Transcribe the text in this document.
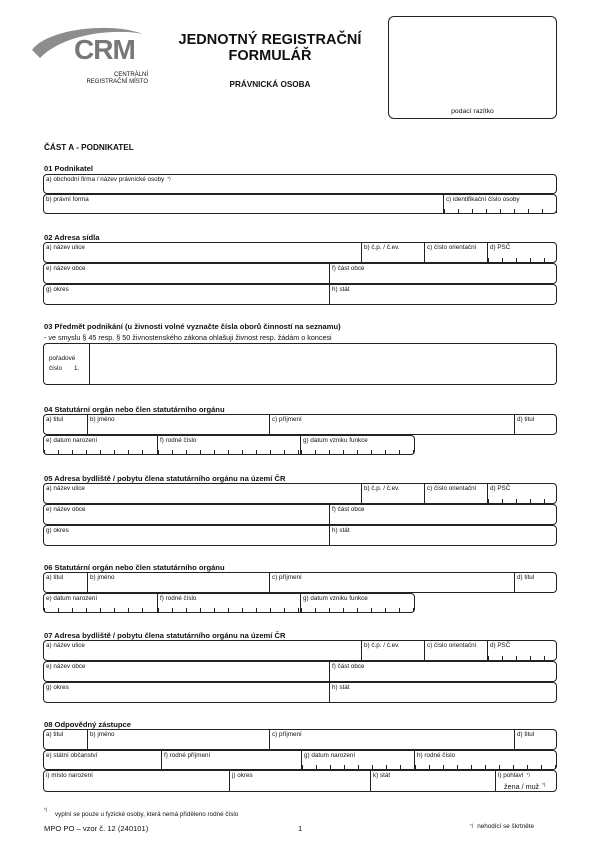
CRM
CENTRÁLNÍ
REGISTRAČNÍ MÍSTO
JEDNOTNÝ REGISTRAČNÍ
FORMULÁŘ
PRÁVNICKÁ OSOBA
podací razítko
ČÁST A - PODNIKATEL
01 Podnikatel
a) obchodní firma / název právnické osoby *)
b) právní forma	c) identifikační číslo osoby
02 Adresa sídla
a) název ulice	b) č.p. / č.ev.	c) číslo orientační d) PSČ
e) název obce	f) část obce
g) okres	h) stát
03 Předmět podnikání (u živnosti volné vyznačte čísla oborů činností na seznamu)
- ve smyslu § 45 resp. § 50 živnostenského zákona ohlašuji živnost resp. žádám o koncesi
pořadové
číslo 1.
04 Statutární orgán nebo člen statutárního orgánu
a) titul	b) jméno	c) příjmení	d) titul
e) datum narození	f) rodné číslo	g) datum vzniku funkce
05 Adresa bydliště / pobytu člena statutárního orgánu na území ČR
a) název ulice	b) č.p. / č.ev.	c) číslo orientační d) PSČ
e) název obce	f) část obce
g) okres	h) stát
06 Statutární orgán nebo člen statutárního orgánu
a) titul	b) jméno	c) příjmení	d) titul
e) datum narození	f) rodné číslo	g) datum vzniku funkce
07 Adresa bydliště / pobytu člena statutárního orgánu na území ČR
a) název ulice	b) č.p. / č.ev.	c) číslo orientační d) PSČ
e) název obce	f) část obce
g) okres	h) stát
08 Odpovědný zástupce
a) titul	b) jméno	c) příjmení	d) titul
e) státní občanství	f) rodné příjmení	g) datum narození	h) rodné číslo
i) místo narození	j) okres	k) stát	l) pohlaví *)
žena / muž *)
*)
vyplní se pouze u fyzické osoby, která nemá přiděleno rodné číslo
MPO PO – vzor č. 12 (240101)	1	*) nehodící se škrtněte
